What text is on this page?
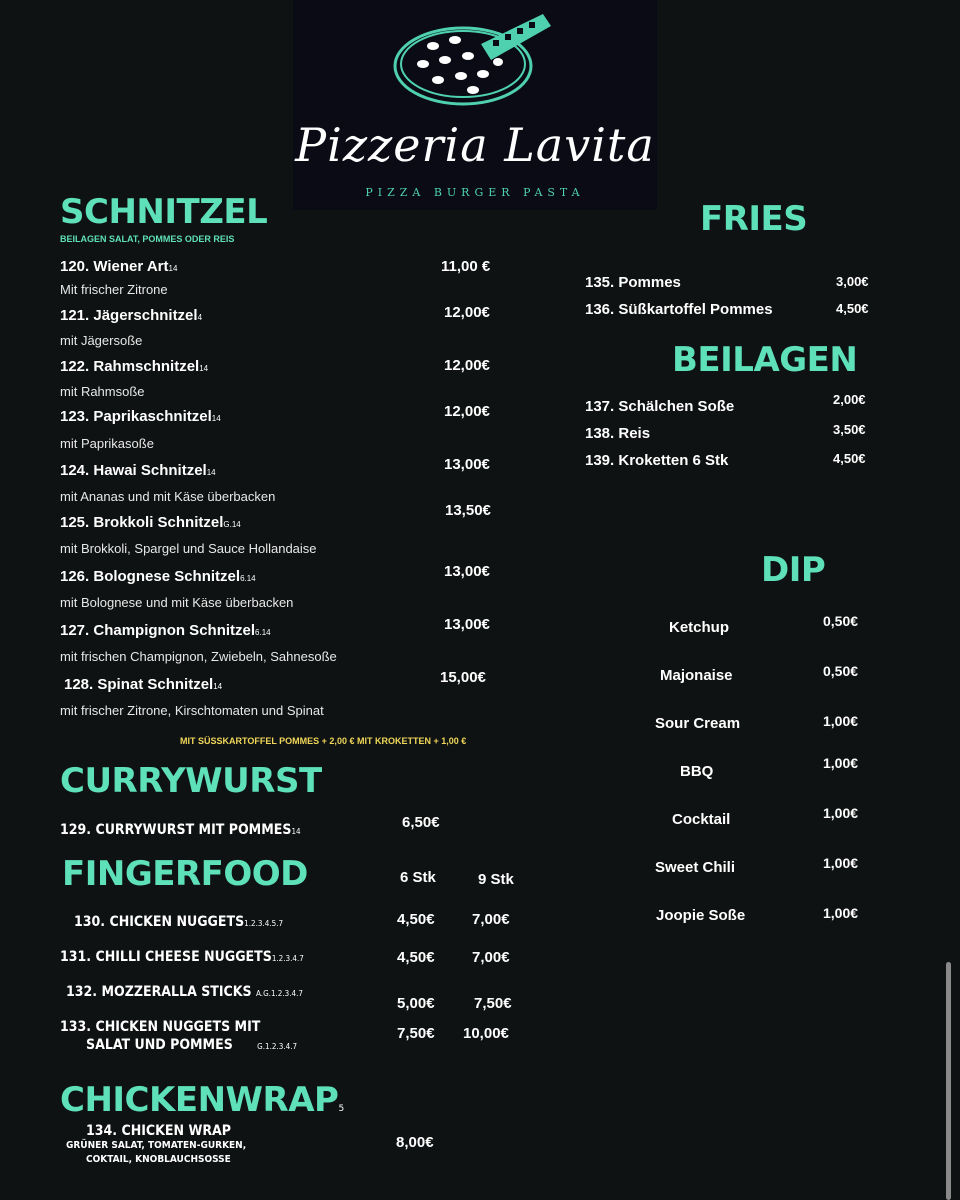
Pizzeria Lavita
PIZZA BURGER PASTA
SCHNITZEL
BEILAGEN SALAT, POMMES ODER REIS
120. Wiener Art14
Mit frischer Zitrone
11,00 €
121. Jägerschnitzel4
mit Jägersoße
12,00€
122. Rahmschnitzel14
mit Rahmsoße
12,00€
123. Paprikaschnitzel14
mit Paprikasoße
12,00€
124. Hawai Schnitzel14
mit Ananas und mit Käse überbacken
13,00€
125. Brokkoli SchnitzelG.14
mit Brokkoli, Spargel und Sauce Hollandaise
13,50€
126. Bolognese Schnitzel6.14
mit Bolognese und mit Käse überbacken
13,00€
127. Champignon Schnitzel6.14
mit frischen Champignon, Zwiebeln, Sahnesoße
13,00€
128. Spinat Schnitzel14
mit frischer Zitrone, Kirschtomaten und Spinat
15,00€
MIT SÜSSKARTOFFEL POMMES + 2,00 € MIT KROKETTEN + 1,00 €
CURRYWURST
129. CURRYWURST MIT POMMES14
6,50€
FINGERFOOD	6 Stk	9 Stk
130. CHICKEN NUGGETS1.2.3.4.5.7	4,50€ 7,00€
131. CHILLI CHEESE NUGGETS1.2.3.4.7	4,50€ 7,00€
132. MOZZERALLA STICKS A.G.1.2.3.4.7
5,00€	7,50€
133. CHICKEN NUGGETS MIT
SALAT UND POMMES	G.1.2.3.4.7
7,50€ 10,00€
CHICKENWRAP5
134. CHICKEN WRAP
GRÜNER SALAT, TOMATEN-GURKEN,
COKTAIL, KNOBLAUCHSOSSE
8,00€
FRIES
135. Pommes	3,00€
136. Süßkartoffel Pommes	4,50€
BEILAGEN
137. Schälchen Soße	2,00€
138. Reis	3,50€
139. Kroketten 6 Stk	4,50€
DIP
Ketchup	0,50€
Majonaise	0,50€
Sour Cream	1,00€
BBQ	1,00€
Cocktail	1,00€
Sweet Chili	1,00€
Joopie Soße	1,00€
